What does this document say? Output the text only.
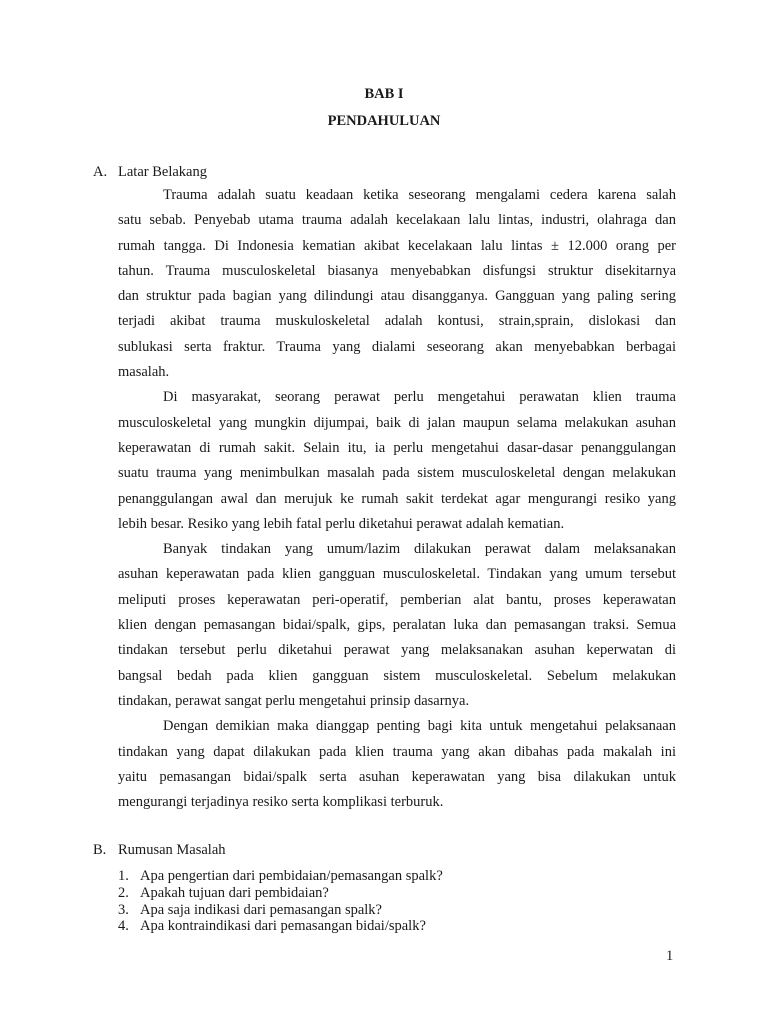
BAB I
PENDAHULUAN
A. Latar Belakang
Trauma adalah suatu keadaan ketika seseorang mengalami cedera karena salah
satu sebab. Penyebab utama trauma adalah kecelakaan lalu lintas, industri, olahraga dan
rumah tangga. Di Indonesia kematian akibat kecelakaan lalu lintas ± 12.000 orang per
tahun. Trauma musculoskeletal biasanya menyebabkan disfungsi struktur disekitarnya
dan struktur pada bagian yang dilindungi atau disangganya. Gangguan yang paling sering
terjadi akibat trauma muskuloskeletal adalah kontusi, strain,sprain, dislokasi dan
sublukasi serta fraktur. Trauma yang dialami seseorang akan menyebabkan berbagai
masalah.
Di masyarakat, seorang perawat perlu mengetahui perawatan klien trauma
musculoskeletal yang mungkin dijumpai, baik di jalan maupun selama melakukan asuhan
keperawatan di rumah sakit. Selain itu, ia perlu mengetahui dasar-dasar penanggulangan
suatu trauma yang menimbulkan masalah pada sistem musculoskeletal dengan melakukan
penanggulangan awal dan merujuk ke rumah sakit terdekat agar mengurangi resiko yang
lebih besar. Resiko yang lebih fatal perlu diketahui perawat adalah kematian.
Banyak tindakan yang umum/lazim dilakukan perawat dalam melaksanakan
asuhan keperawatan pada klien gangguan musculoskeletal. Tindakan yang umum tersebut
meliputi proses keperawatan peri-operatif, pemberian alat bantu, proses keperawatan
klien dengan pemasangan bidai/spalk, gips, peralatan luka dan pemasangan traksi. Semua
tindakan tersebut perlu diketahui perawat yang melaksanakan asuhan keperwatan di
bangsal bedah pada klien gangguan sistem musculoskeletal. Sebelum melakukan
tindakan, perawat sangat perlu mengetahui prinsip dasarnya.
Dengan demikian maka dianggap penting bagi kita untuk mengetahui pelaksanaan
tindakan yang dapat dilakukan pada klien trauma yang akan dibahas pada makalah ini
yaitu pemasangan bidai/spalk serta asuhan keperawatan yang bisa dilakukan untuk
mengurangi terjadinya resiko serta komplikasi terburuk.
B. Rumusan Masalah
1. Apa pengertian dari pembidaian/pemasangan spalk?
2. Apakah tujuan dari pembidaian?
3. Apa saja indikasi dari pemasangan spalk?
4. Apa kontraindikasi dari pemasangan bidai/spalk?
1
